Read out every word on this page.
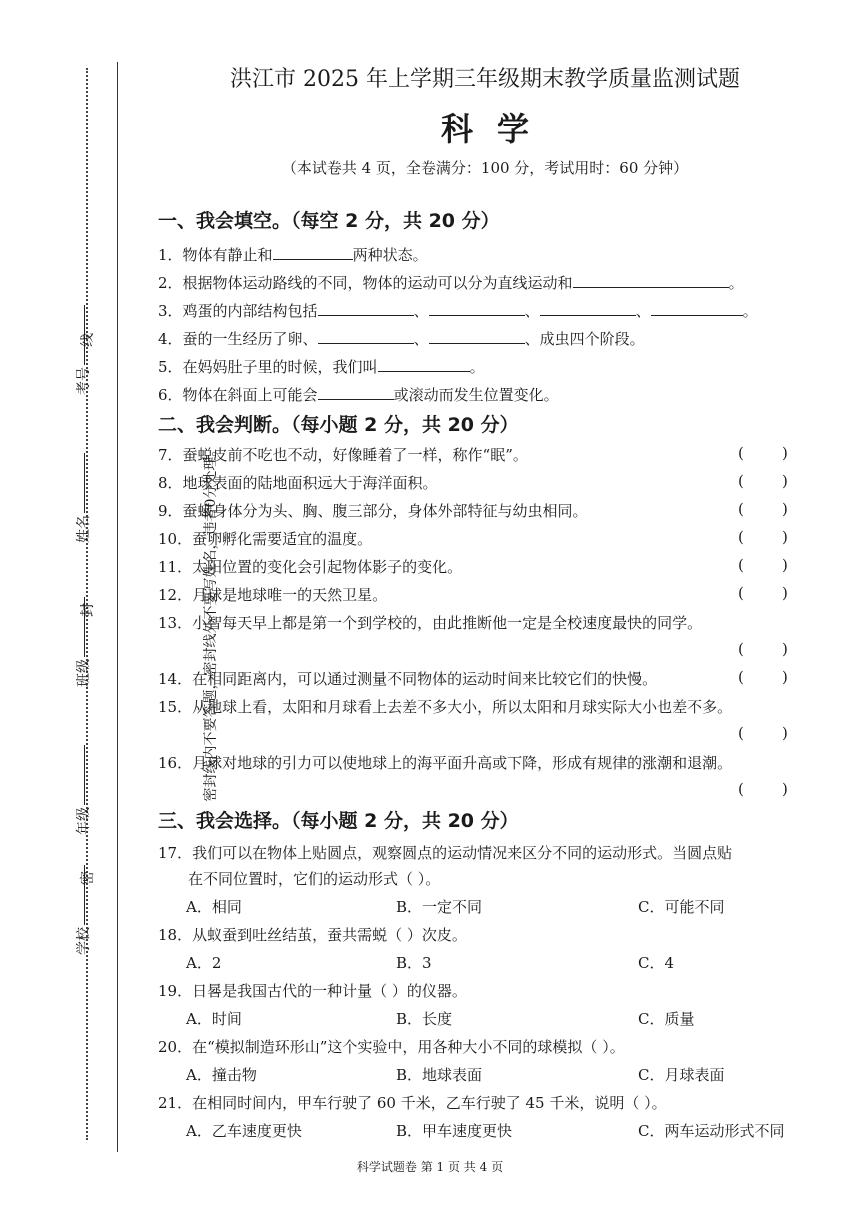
考号
姓名
班级
年级
学校
线
封
密
密封线内不要答题，密封线外不要写姓名，违者0分处理。
洪江市 2025 年上学期三年级期末教学质量监测试题
科学
（本试卷共 4 页，全卷满分：100 分，考试用时：60 分钟）
一、我会填空。（每空 2 分，共 20 分）
1．物体有静止和	两种状态。
2．根据物体运动路线的不同，物体的运动可以分为直线运动和	。
3．鸡蛋的内部结构包括	、	、	、	。
4．蚕的一生经历了卵、	、	、成虫四个阶段。
5．在妈妈肚子里的时候，我们叫	。
6．物体在斜面上可能会	或滚动而发生位置变化。
二、我会判断。（每小题 2 分，共 20 分）
7．蚕蜕皮前不吃也不动，好像睡着了一样，称作“眠”。	(        )
8．地球表面的陆地面积远大于海洋面积。	(        )
9．蚕蛾身体分为头、胸、腹三部分，身体外部特征与幼虫相同。	(        )
10．蚕卵孵化需要适宜的温度。	(        )
11．太阳位置的变化会引起物体影子的变化。	(        )
12．月球是地球唯一的天然卫星。	(        )
13．小智每天早上都是第一个到学校的，由此推断他一定是全校速度最快的同学。
(        )
14．在相同距离内，可以通过测量不同物体的运动时间来比较它们的快慢。	(        )
15．从地球上看，太阳和月球看上去差不多大小，所以太阳和月球实际大小也差不多。
(        )
16．月球对地球的引力可以使地球上的海平面升高或下降，形成有规律的涨潮和退潮。
(        )
三、我会选择。（每小题 2 分，共 20 分）
17．我们可以在物体上贴圆点，观察圆点的运动情况来区分不同的运动形式。当圆点贴
在不同位置时，它们的运动形式（ ）。
A．相同	B．一定不同	C．可能不同
18．从蚁蚕到吐丝结茧，蚕共需蜕（ ）次皮。
A．2	B．3	C．4
19．日晷是我国古代的一种计量（ ）的仪器。
A．时间	B．长度	C．质量
20．在“模拟制造环形山”这个实验中，用各种大小不同的球模拟（ ）。
A．撞击物	B．地球表面	C．月球表面
21．在相同时间内，甲车行驶了 60 千米，乙车行驶了 45 千米，说明（ ）。
A．乙车速度更快	B．甲车速度更快	C．两车运动形式不同
科学试题卷 第 1 页 共 4 页
